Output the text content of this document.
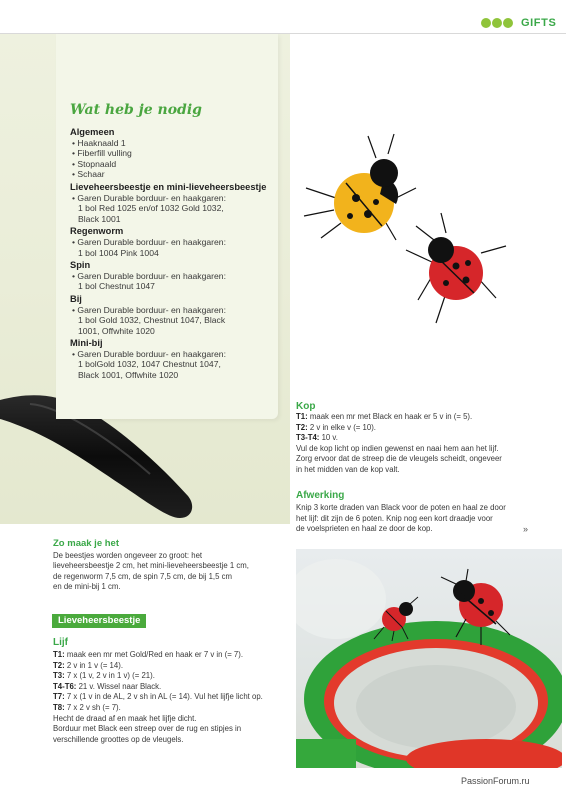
GIFTS
Wat heb je nodig
Algemeen
• Haaknaald 1
• Fiberfill vulling
• Stopnaald
• Schaar
Lieveheersbeestje en mini-lieveheersbeestje
• Garen Durable borduur- en haakgaren:
1 bol Red 1025 en/of 1032 Gold 1032,
Black 1001
Regenworm
• Garen Durable borduur- en haakgaren:
1 bol 1004 Pink 1004
Spin
• Garen Durable borduur- en haakgaren:
1 bol Chestnut 1047
Bij
• Garen Durable borduur- en haakgaren:
1 bol Gold 1032, Chestnut 1047, Black
1001, Offwhite 1020
Mini-bij
• Garen Durable borduur- en haakgaren:
1 bolGold 1032, 1047 Chestnut 1047,
Black 1001, Offwhite 1020
Kop
T1: maak een mr met Black en haak er 5 v in (= 5).
T2: 2 v in elke v (= 10).
T3-T4: 10 v.
Vul de kop licht op indien gewenst en naai hem aan het lijf.
Zorg ervoor dat de streep die de vleugels scheidt, ongeveer
in het midden van de kop valt.
Afwerking
Knip 3 korte draden van Black voor de poten en haal ze door
het lijf: dit zijn de 6 poten. Knip nog een kort draadje voor
de voelsprieten en haal ze door de kop.	»
Zo maak je het
De beestjes worden ongeveer zo groot: het
lieveheersbeestje 2 cm, het mini-lieveheersbeestje 1 cm,
de regenworm 7,5 cm, de spin 7,5 cm, de bij 1,5 cm
en de mini-bij 1 cm.
Lieveheersbeestje
Lijf
T1: maak een mr met Gold/Red en haak er 7 v in (= 7).
T2: 2 v in 1 v (= 14).
T3: 7 x (1 v, 2 v in 1 v) (= 21).
T4-T6: 21 v. Wissel naar Black.
T7: 7 x (1 v in de AL, 2 v sh in AL (= 14). Vul het lijfje licht op.
T8: 7 x 2 v sh (= 7).
Hecht de draad af en maak het lijfje dicht.
Borduur met Black een streep over de rug en stipjes in
verschillende groottes op de vleugels.
PassionForum.ru
